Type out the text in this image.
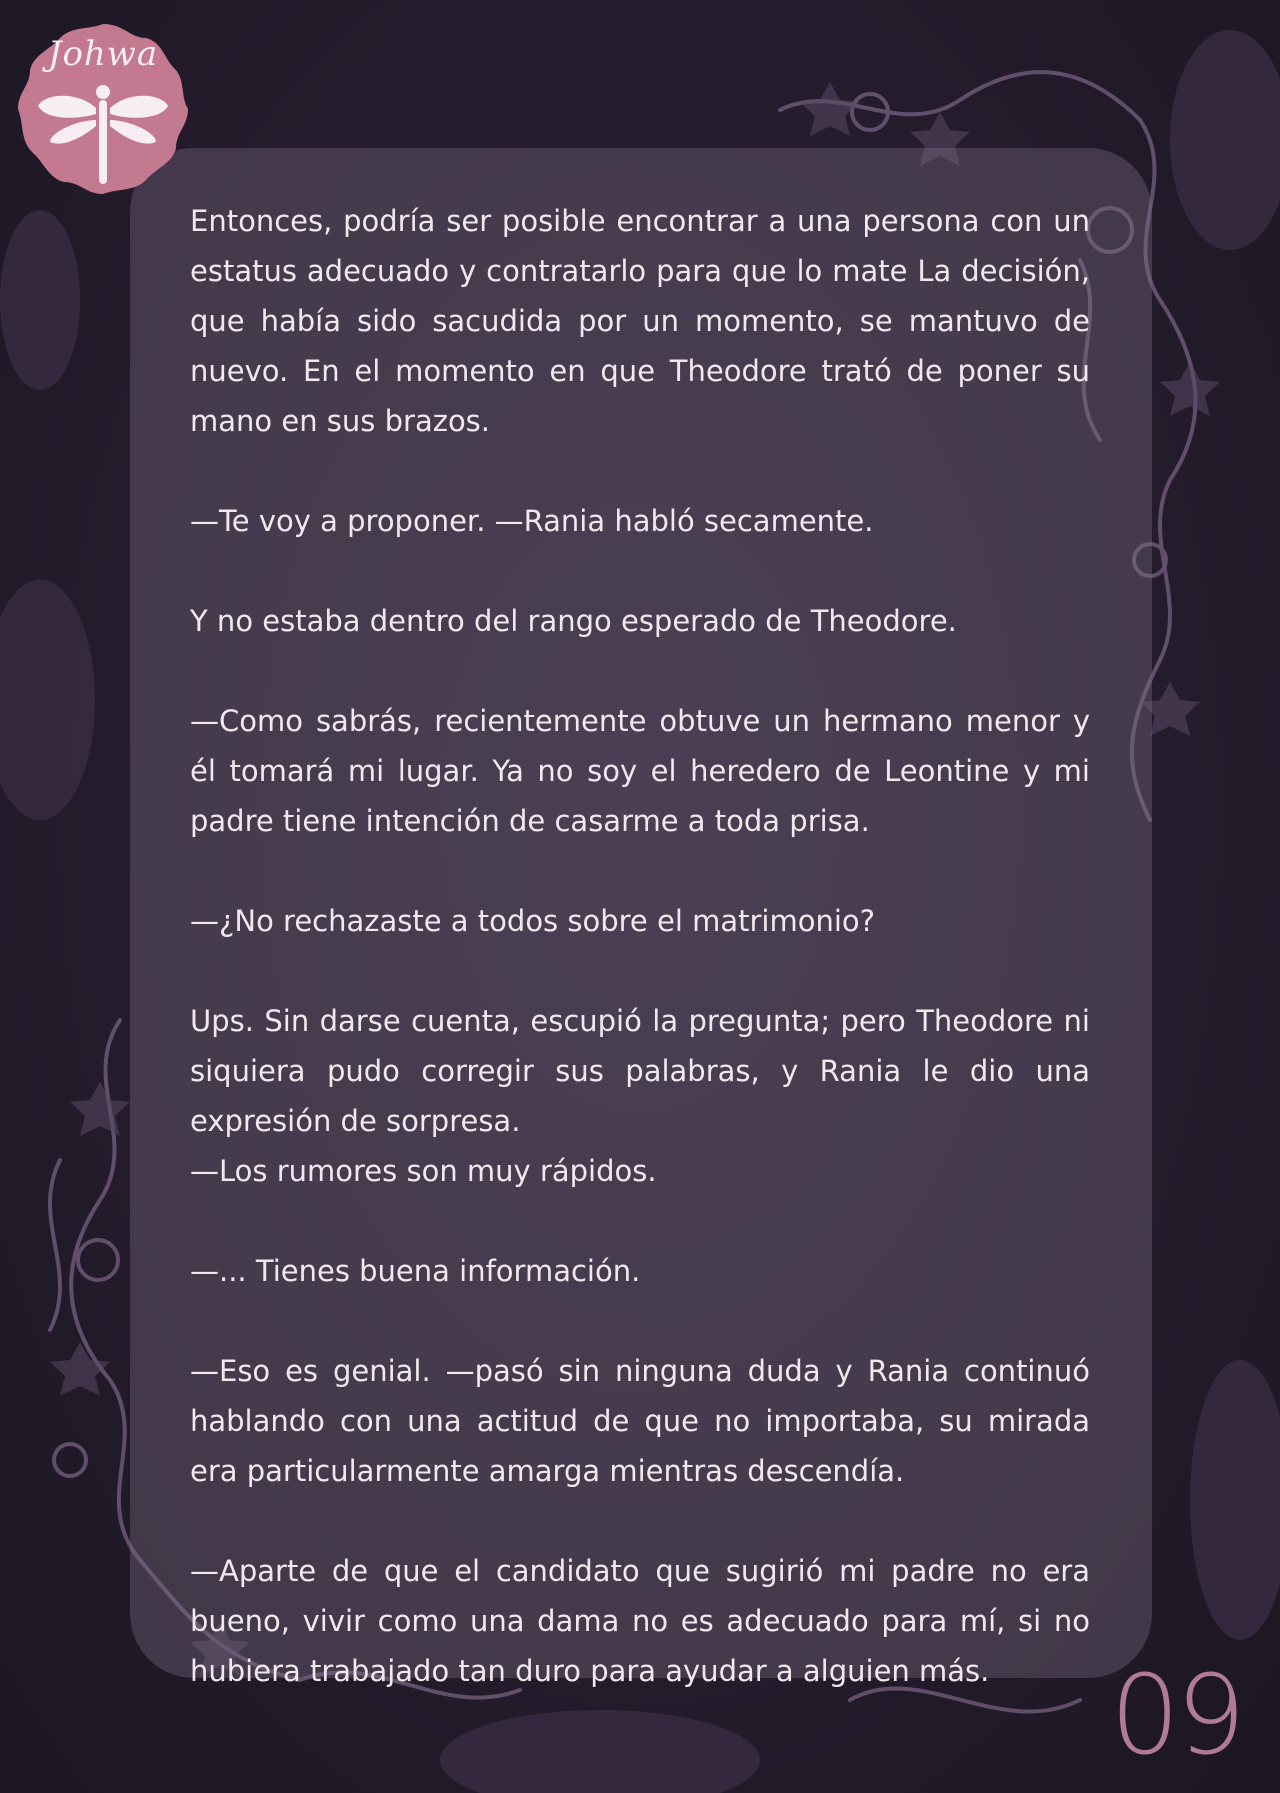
Johwa

Entonces, podría ser posible encontrar a una persona con un estatus adecuado y contratarlo para que lo mate La decisión, que había sido sacudida por un momento, se mantuvo de nuevo. En el momento en que Theodore trató de poner su mano en sus brazos.

—Te voy a proponer. —Rania habló secamente.

Y no estaba dentro del rango esperado de Theodore.

—Como sabrás, recientemente obtuve un hermano menor y él tomará mi lugar. Ya no soy el heredero de Leontine y mi padre tiene intención de casarme a toda prisa.

—¿No rechazaste a todos sobre el matrimonio?

Ups. Sin darse cuenta, escupió la pregunta; pero Theodore ni siquiera pudo corregir sus palabras, y Rania le dio una expresión de sorpresa.

—Los rumores son muy rápidos.

—... Tienes buena información.

—Eso es genial. —pasó sin ninguna duda y Rania continuó hablando con una actitud de que no importaba, su mirada era particularmente amarga mientras descendía.

—Aparte de que el candidato que sugirió mi padre no era bueno, vivir como una dama no es adecuado para mí, si no hubiera trabajado tan duro para ayudar a alguien más.	09
